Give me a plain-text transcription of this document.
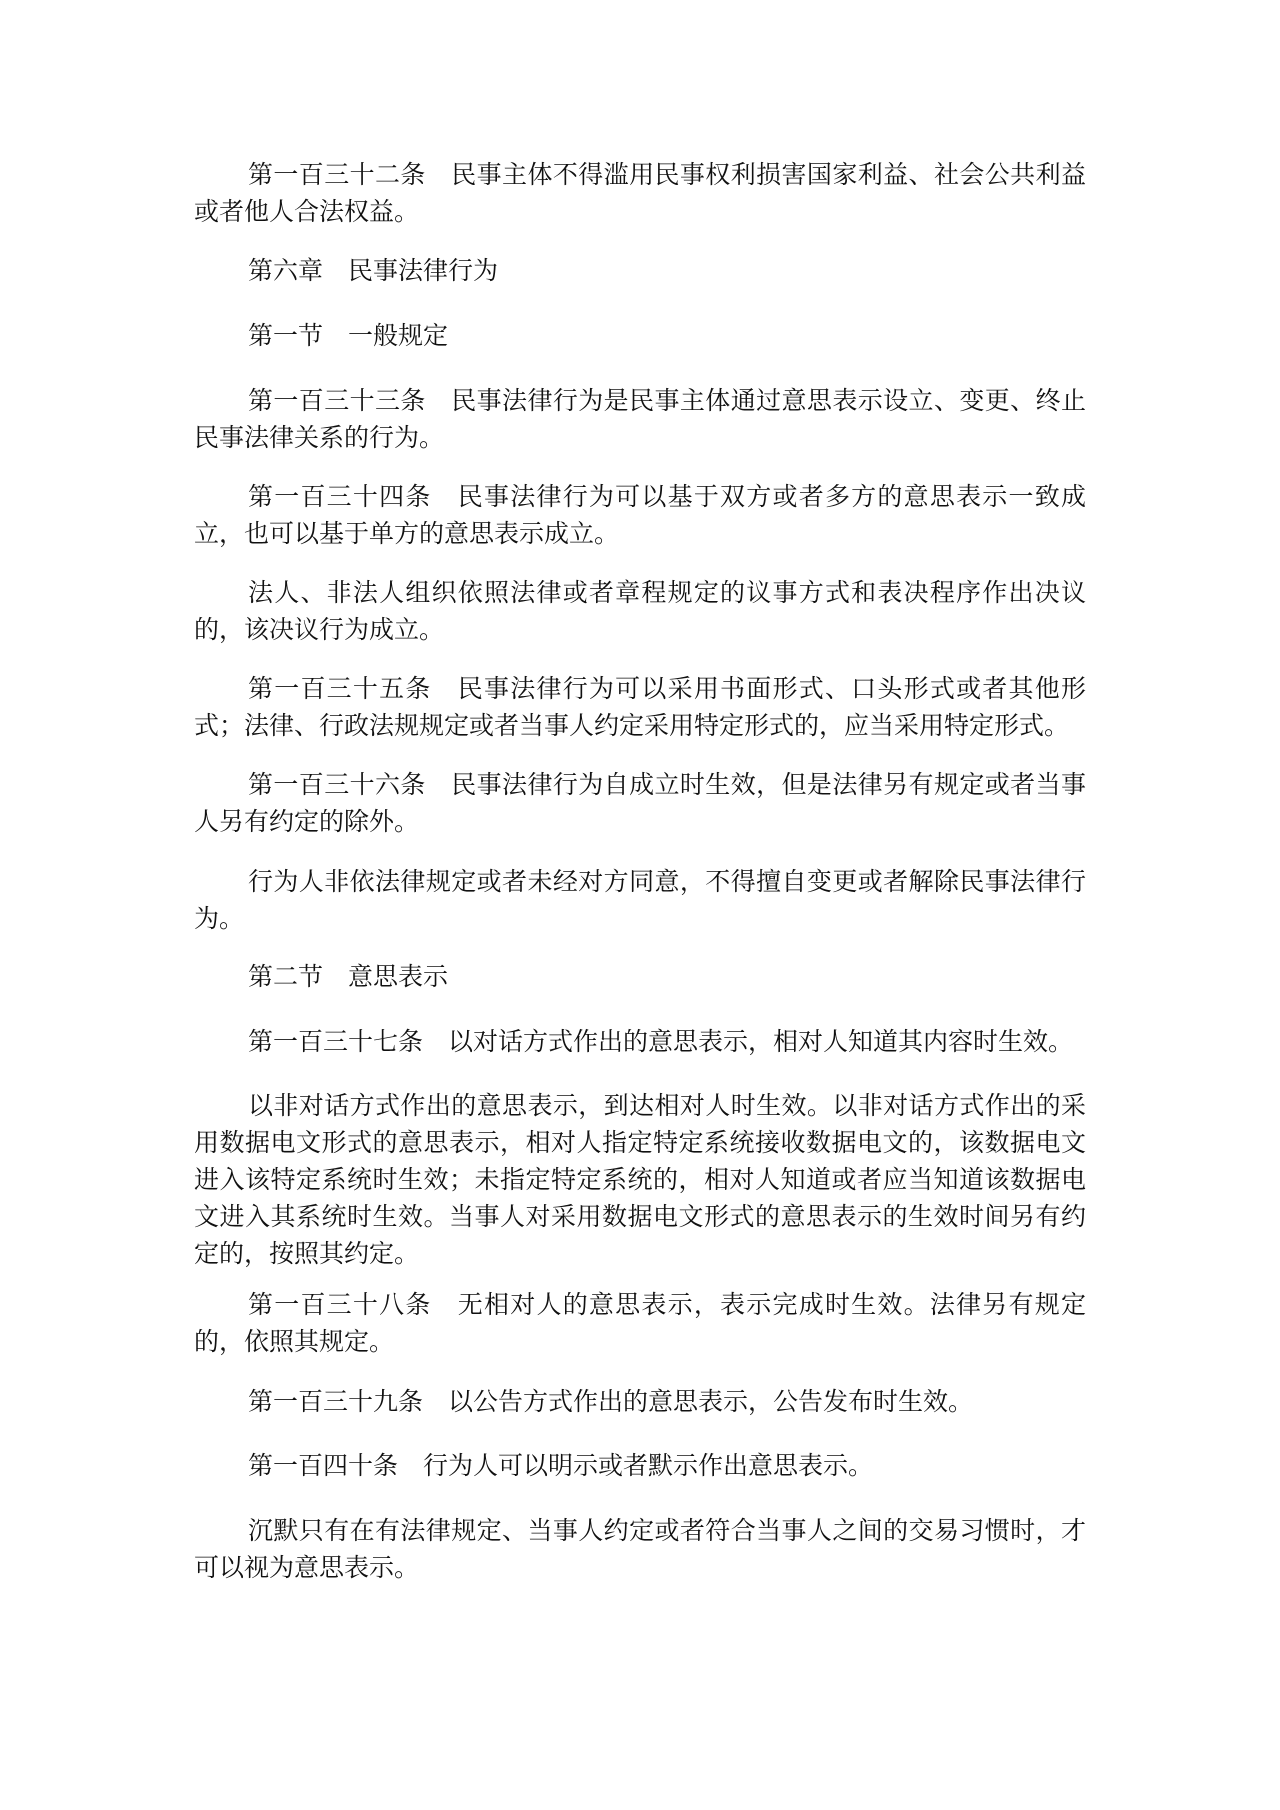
第一百三十二条　民事主体不得滥用民事权利损害国家利益、社会公共利益或者他人合法权益。

第六章　民事法律行为

第一节　一般规定

第一百三十三条　民事法律行为是民事主体通过意思表示设立、变更、终止民事法律关系的行为。

第一百三十四条　民事法律行为可以基于双方或者多方的意思表示一致成立，也可以基于单方的意思表示成立。

法人、非法人组织依照法律或者章程规定的议事方式和表决程序作出决议的，该决议行为成立。

第一百三十五条　民事法律行为可以采用书面形式、口头形式或者其他形式；法律、行政法规规定或者当事人约定采用特定形式的，应当采用特定形式。

第一百三十六条　民事法律行为自成立时生效，但是法律另有规定或者当事人另有约定的除外。

行为人非依法律规定或者未经对方同意，不得擅自变更或者解除民事法律行为。

第二节　意思表示

第一百三十七条　以对话方式作出的意思表示，相对人知道其内容时生效。

以非对话方式作出的意思表示，到达相对人时生效。以非对话方式作出的采用数据电文形式的意思表示，相对人指定特定系统接收数据电文的，该数据电文进入该特定系统时生效；未指定特定系统的，相对人知道或者应当知道该数据电文进入其系统时生效。当事人对采用数据电文形式的意思表示的生效时间另有约定的，按照其约定。

第一百三十八条　无相对人的意思表示，表示完成时生效。法律另有规定的，依照其规定。

第一百三十九条　以公告方式作出的意思表示，公告发布时生效。

第一百四十条　行为人可以明示或者默示作出意思表示。

沉默只有在有法律规定、当事人约定或者符合当事人之间的交易习惯时，才可以视为意思表示。
